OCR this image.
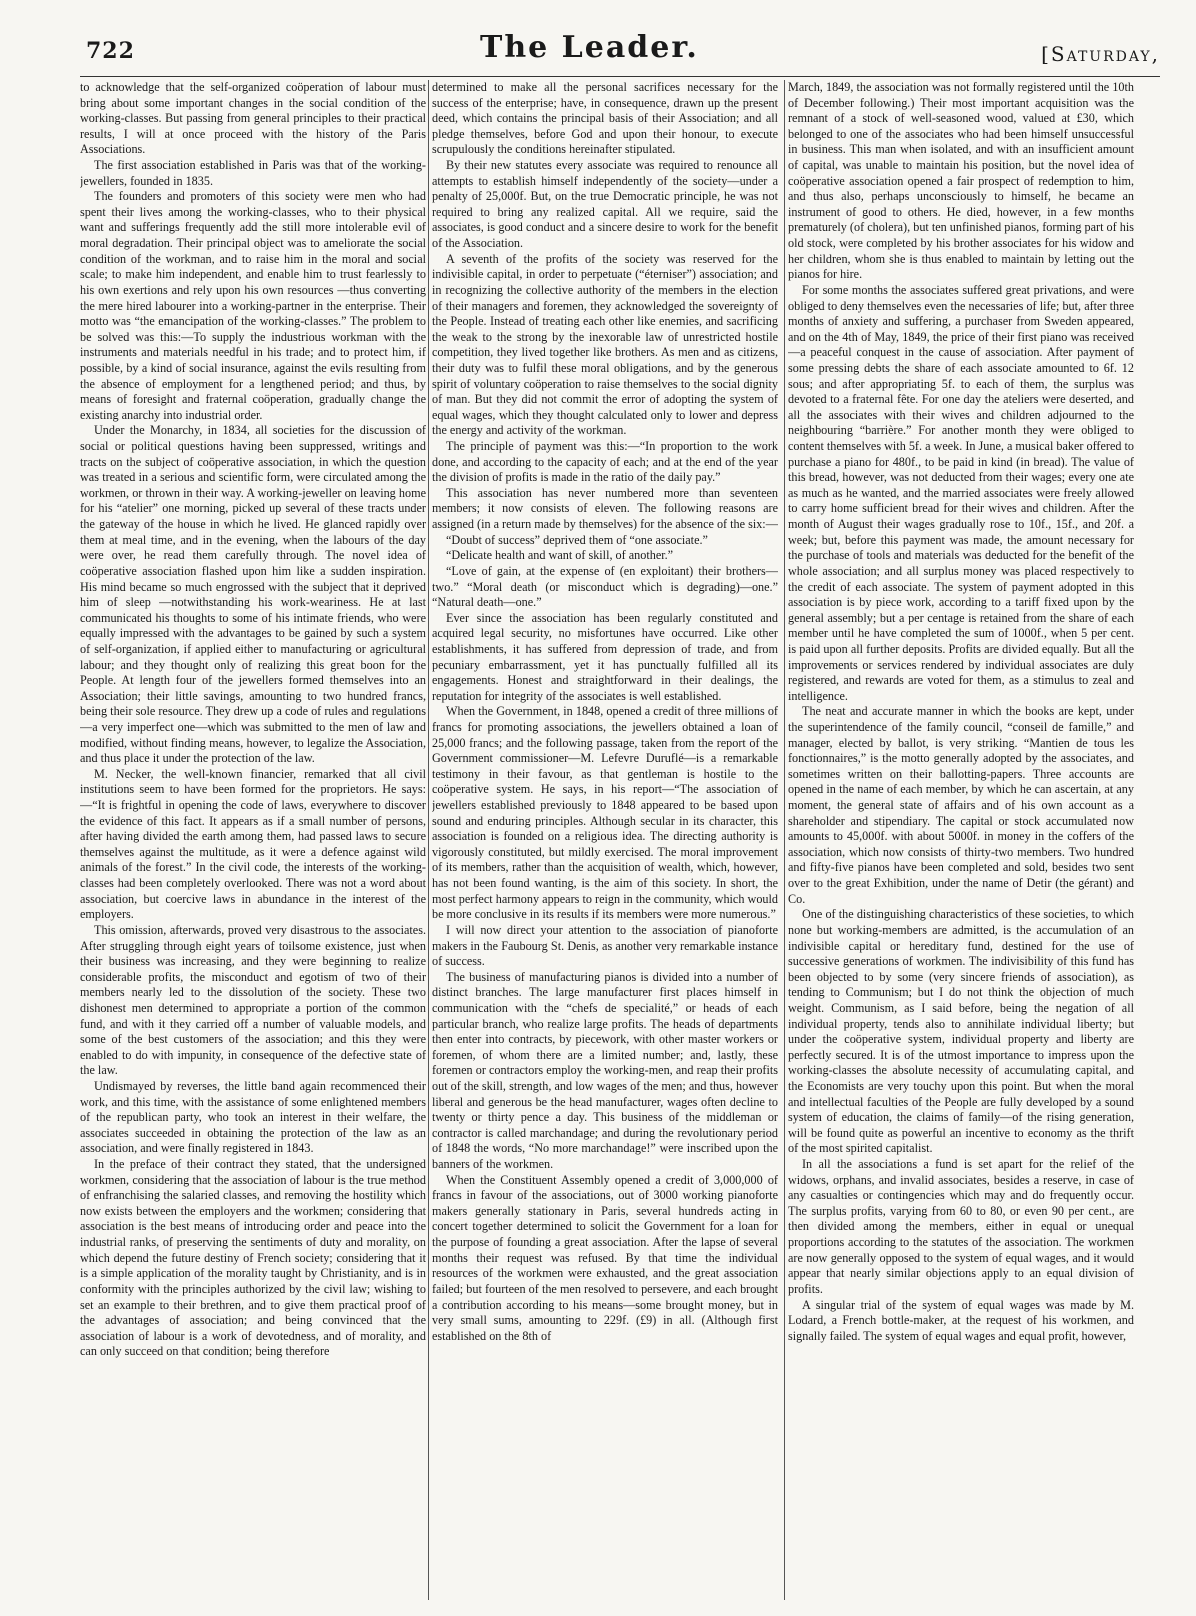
722	The Leader.	[Saturday,

to acknowledge that the self-organized coöperation of labour must bring about some important changes in the social condition of the working-classes. But passing from general principles to their practical results, I will at once proceed with the history of the Paris Associations.

The first association established in Paris was that of the working-jewellers, founded in 1835.

The founders and promoters of this society were men who had spent their lives among the working-classes, who to their physical want and sufferings frequently add the still more intolerable evil of moral degradation. Their principal object was to ameliorate the social condition of the workman, and to raise him in the moral and social scale; to make him independent, and enable him to trust fearlessly to his own exertions and rely upon his own resources —thus converting the mere hired labourer into a working-partner in the enterprise. Their motto was “the emancipation of the working-classes.” The problem to be solved was this:—To supply the industrious workman with the instruments and materials needful in his trade; and to protect him, if possible, by a kind of social insurance, against the evils resulting from the absence of employment for a lengthened period; and thus, by means of foresight and fraternal coöperation, gradually change the existing anarchy into industrial order.

Under the Monarchy, in 1834, all societies for the discussion of social or political questions having been suppressed, writings and tracts on the subject of coöperative association, in which the question was treated in a serious and scientific form, were circulated among the workmen, or thrown in their way. A working-jeweller on leaving home for his “atelier” one morning, picked up several of these tracts under the gateway of the house in which he lived. He glanced rapidly over them at meal time, and in the evening, when the labours of the day were over, he read them carefully through. The novel idea of coöperative association flashed upon him like a sudden inspiration. His mind became so much engrossed with the subject that it deprived him of sleep —notwithstanding his work-weariness. He at last communicated his thoughts to some of his intimate friends, who were equally impressed with the advantages to be gained by such a system of self-organization, if applied either to manufacturing or agricultural labour; and they thought only of realizing this great boon for the People. At length four of the jewellers formed themselves into an Association; their little savings, amounting to two hundred francs, being their sole resource. They drew up a code of rules and regulations—a very imperfect one—which was submitted to the men of law and modified, without finding means, however, to legalize the Association, and thus place it under the protection of the law.

M. Necker, the well-known financier, remarked that all civil institutions seem to have been formed for the proprietors. He says:—“It is frightful in opening the code of laws, everywhere to discover the evidence of this fact. It appears as if a small number of persons, after having divided the earth among them, had passed laws to secure themselves against the multitude, as it were a defence against wild animals of the forest.” In the civil code, the interests of the working-classes had been completely overlooked. There was not a word about association, but coercive laws in abundance in the interest of the employers.

This omission, afterwards, proved very disastrous to the associates. After struggling through eight years of toilsome existence, just when their business was increasing, and they were beginning to realize considerable profits, the misconduct and egotism of two of their members nearly led to the dissolution of the society. These two dishonest men determined to appropriate a portion of the common fund, and with it they carried off a number of valuable models, and some of the best customers of the association; and this they were enabled to do with impunity, in consequence of the defective state of the law.

Undismayed by reverses, the little band again recommenced their work, and this time, with the assistance of some enlightened members of the republican party, who took an interest in their welfare, the associates succeeded in obtaining the protection of the law as an association, and were finally registered in 1843.

In the preface of their contract they stated, that the undersigned workmen, considering that the association of labour is the true method of enfranchising the salaried classes, and removing the hostility which now exists between the employers and the workmen; considering that association is the best means of introducing order and peace into the industrial ranks, of preserving the sentiments of duty and morality, on which depend the future destiny of French society; considering that it is a simple application of the morality taught by Christianity, and is in conformity with the principles authorized by the civil law; wishing to set an example to their brethren, and to give them practical proof of the advantages of association; and being convinced that the association of labour is a work of devotedness, and of morality, and can only succeed on that condition; being therefore

determined to make all the personal sacrifices necessary for the success of the enterprise; have, in consequence, drawn up the present deed, which contains the principal basis of their Association; and all pledge themselves, before God and upon their honour, to execute scrupulously the conditions hereinafter stipulated.

By their new statutes every associate was required to renounce all attempts to establish himself independently of the society—under a penalty of 25,000f. But, on the true Democratic principle, he was not required to bring any realized capital. All we require, said the associates, is good conduct and a sincere desire to work for the benefit of the Association.

A seventh of the profits of the society was reserved for the indivisible capital, in order to perpetuate (“éterniser”) association; and in recognizing the collective authority of the members in the election of their managers and foremen, they acknowledged the sovereignty of the People. Instead of treating each other like enemies, and sacrificing the weak to the strong by the inexorable law of unrestricted hostile competition, they lived together like brothers. As men and as citizens, their duty was to fulfil these moral obligations, and by the generous spirit of voluntary coöperation to raise themselves to the social dignity of man. But they did not commit the error of adopting the system of equal wages, which they thought calculated only to lower and depress the energy and activity of the workman.

The principle of payment was this:—“In proportion to the work done, and according to the capacity of each; and at the end of the year the division of profits is made in the ratio of the daily pay.”

This association has never numbered more than seventeen members; it now consists of eleven. The following reasons are assigned (in a return made by themselves) for the absence of the six:—

“Doubt of success” deprived them of “one associate.”

“Delicate health and want of skill, of another.”

“Love of gain, at the expense of (en exploitant) their brothers—two.” “Moral death (or misconduct which is degrading)—one.” “Natural death—one.”

Ever since the association has been regularly constituted and acquired legal security, no misfortunes have occurred. Like other establishments, it has suffered from depression of trade, and from pecuniary embarrassment, yet it has punctually fulfilled all its engagements. Honest and straightforward in their dealings, the reputation for integrity of the associates is well established.

When the Government, in 1848, opened a credit of three millions of francs for promoting associations, the jewellers obtained a loan of 25,000 francs; and the following passage, taken from the report of the Government commissioner—M. Lefevre Duruflé—is a remarkable testimony in their favour, as that gentleman is hostile to the coöperative system. He says, in his report—“The association of jewellers established previously to 1848 appeared to be based upon sound and enduring principles. Although secular in its character, this association is founded on a religious idea. The directing authority is vigorously constituted, but mildly exercised. The moral improvement of its members, rather than the acquisition of wealth, which, however, has not been found wanting, is the aim of this society. In short, the most perfect harmony appears to reign in the community, which would be more conclusive in its results if its members were more numerous.”

I will now direct your attention to the association of pianoforte makers in the Faubourg St. Denis, as another very remarkable instance of success.

The business of manufacturing pianos is divided into a number of distinct branches. The large manufacturer first places himself in communication with the “chefs de specialité,” or heads of each particular branch, who realize large profits. The heads of departments then enter into contracts, by piecework, with other master workers or foremen, of whom there are a limited number; and, lastly, these foremen or contractors employ the working-men, and reap their profits out of the skill, strength, and low wages of the men; and thus, however liberal and generous be the head manufacturer, wages often decline to twenty or thirty pence a day. This business of the middleman or contractor is called marchandage; and during the revolutionary period of 1848 the words, “No more marchandage!” were inscribed upon the banners of the workmen.

When the Constituent Assembly opened a credit of 3,000,000 of francs in favour of the associations, out of 3000 working pianoforte makers generally stationary in Paris, several hundreds acting in concert together determined to solicit the Government for a loan for the purpose of founding a great association. After the lapse of several months their request was refused. By that time the individual resources of the workmen were exhausted, and the great association failed; but fourteen of the men resolved to persevere, and each brought a contribution according to his means—some brought money, but in very small sums, amounting to 229f. (£9) in all. (Although first established on the 8th of

March, 1849, the association was not formally registered until the 10th of December following.) Their most important acquisition was the remnant of a stock of well-seasoned wood, valued at £30, which belonged to one of the associates who had been himself unsuccessful in business. This man when isolated, and with an insufficient amount of capital, was unable to maintain his position, but the novel idea of coöperative association opened a fair prospect of redemption to him, and thus also, perhaps unconsciously to himself, he became an instrument of good to others. He died, however, in a few months prematurely (of cholera), but ten unfinished pianos, forming part of his old stock, were completed by his brother associates for his widow and her children, whom she is thus enabled to maintain by letting out the pianos for hire.

For some months the associates suffered great privations, and were obliged to deny themselves even the necessaries of life; but, after three months of anxiety and suffering, a purchaser from Sweden appeared, and on the 4th of May, 1849, the price of their first piano was received—a peaceful conquest in the cause of association. After payment of some pressing debts the share of each associate amounted to 6f. 12 sous; and after appropriating 5f. to each of them, the surplus was devoted to a fraternal fête. For one day the ateliers were deserted, and all the associates with their wives and children adjourned to the neighbouring “barrière.” For another month they were obliged to content themselves with 5f. a week. In June, a musical baker offered to purchase a piano for 480f., to be paid in kind (in bread). The value of this bread, however, was not deducted from their wages; every one ate as much as he wanted, and the married associates were freely allowed to carry home sufficient bread for their wives and children. After the month of August their wages gradually rose to 10f., 15f., and 20f. a week; but, before this payment was made, the amount necessary for the purchase of tools and materials was deducted for the benefit of the whole association; and all surplus money was placed respectively to the credit of each associate. The system of payment adopted in this association is by piece work, according to a tariff fixed upon by the general assembly; but a per centage is retained from the share of each member until he have completed the sum of 1000f., when 5 per cent. is paid upon all further deposits. Profits are divided equally. But all the improvements or services rendered by individual associates are duly registered, and rewards are voted for them, as a stimulus to zeal and intelligence.

The neat and accurate manner in which the books are kept, under the superintendence of the family council, “conseil de famille,” and manager, elected by ballot, is very striking. “Mantien de tous les fonctionnaires,” is the motto generally adopted by the associates, and sometimes written on their ballotting-papers. Three accounts are opened in the name of each member, by which he can ascertain, at any moment, the general state of affairs and of his own account as a shareholder and stipendiary. The capital or stock accumulated now amounts to 45,000f. with about 5000f. in money in the coffers of the association, which now consists of thirty-two members. Two hundred and fifty-five pianos have been completed and sold, besides two sent over to the great Exhibition, under the name of Detir (the gérant) and Co.

One of the distinguishing characteristics of these societies, to which none but working-members are admitted, is the accumulation of an indivisible capital or hereditary fund, destined for the use of successive generations of workmen. The indivisibility of this fund has been objected to by some (very sincere friends of association), as tending to Communism; but I do not think the objection of much weight. Communism, as I said before, being the negation of all individual property, tends also to annihilate individual liberty; but under the coöperative system, individual property and liberty are perfectly secured. It is of the utmost importance to impress upon the working-classes the absolute necessity of accumulating capital, and the Economists are very touchy upon this point. But when the moral and intellectual faculties of the People are fully developed by a sound system of education, the claims of family—of the rising generation, will be found quite as powerful an incentive to economy as the thrift of the most spirited capitalist.

In all the associations a fund is set apart for the relief of the widows, orphans, and invalid associates, besides a reserve, in case of any casualties or contingencies which may and do frequently occur. The surplus profits, varying from 60 to 80, or even 90 per cent., are then divided among the members, either in equal or unequal proportions according to the statutes of the association. The workmen are now generally opposed to the system of equal wages, and it would appear that nearly similar objections apply to an equal division of profits.

A singular trial of the system of equal wages was made by M. Lodard, a French bottle-maker, at the request of his workmen, and signally failed. The system of equal wages and equal profit, however,
